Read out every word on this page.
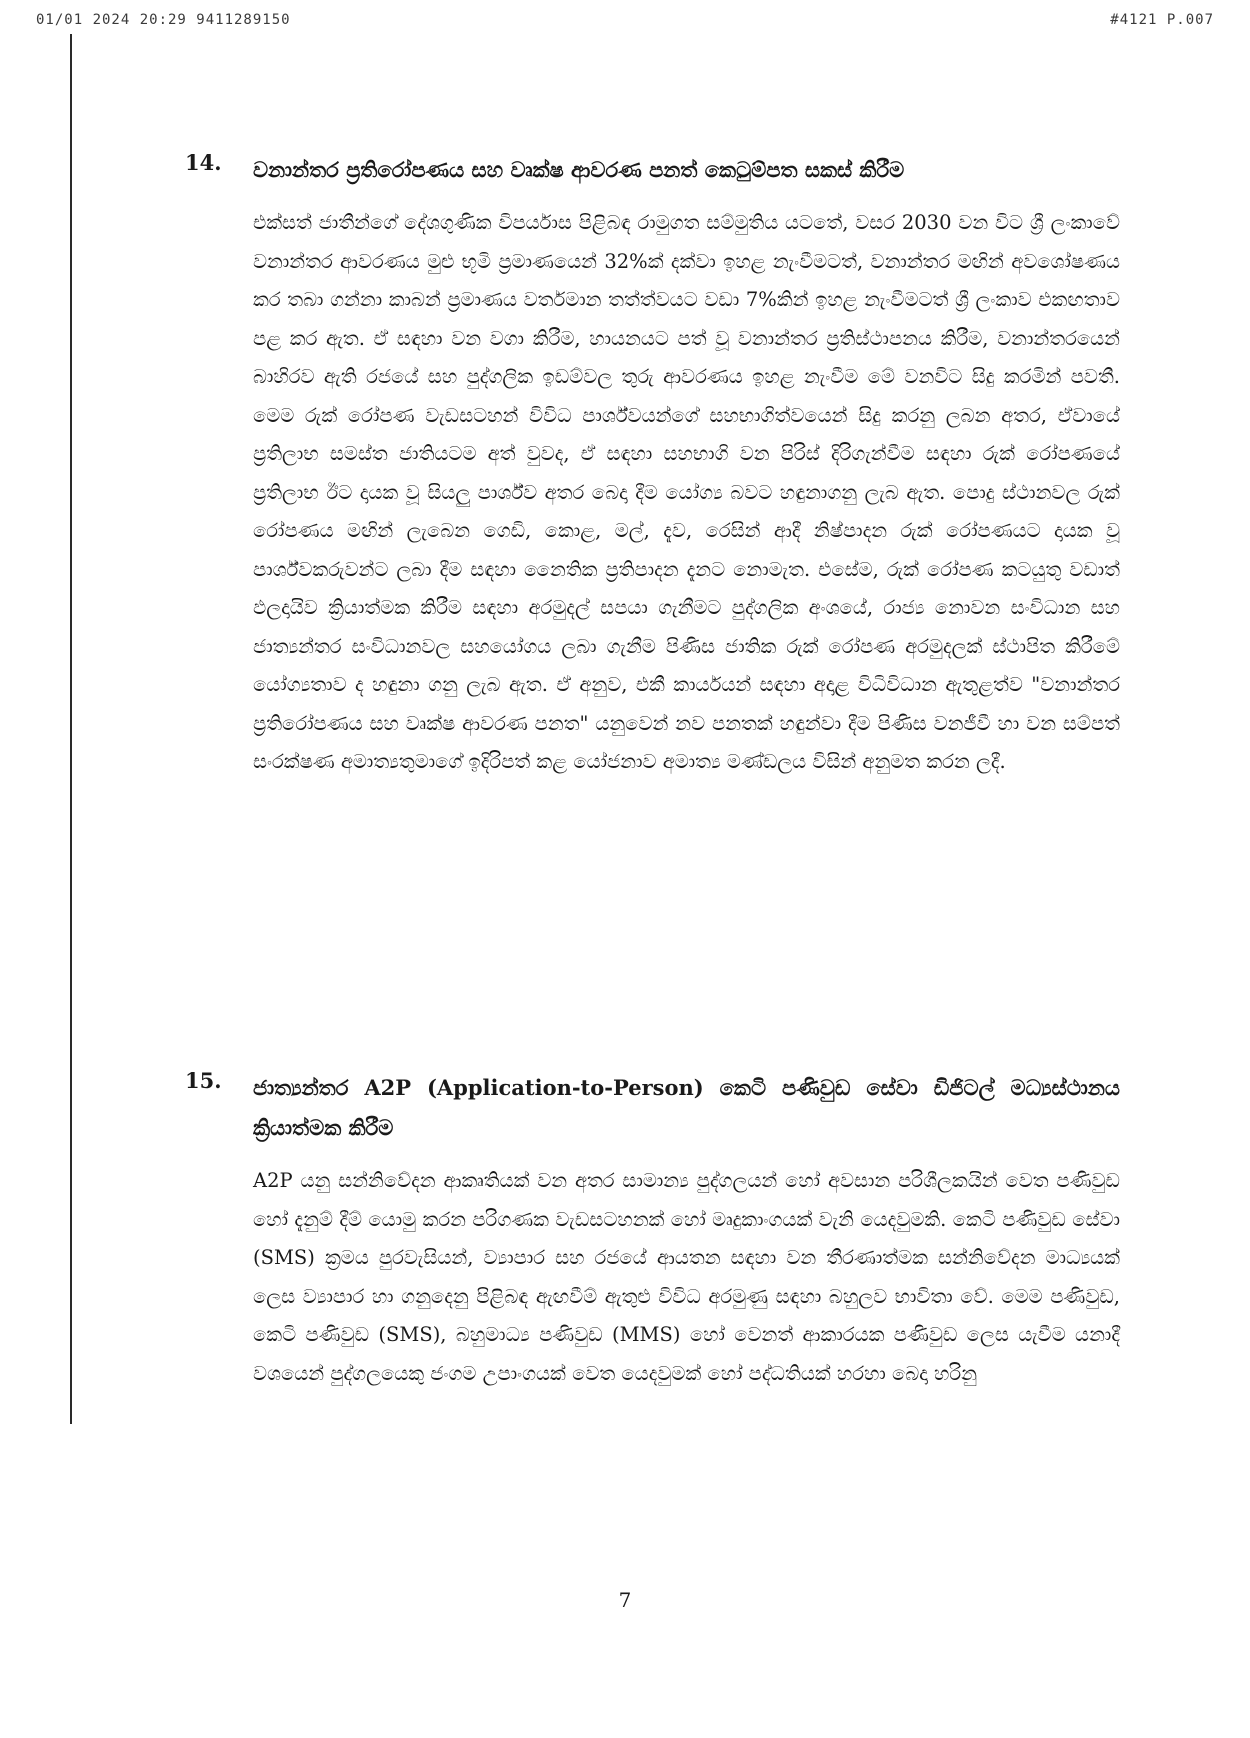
01/01 2024 20:29 9411289150	#4121 P.007
14. වනාන්තර ප්‍රතිරෝපණය සහ වෘක්ෂ ආවරණ පනත් කෙටුම්පත සකස් කිරීම
එක්සත් ජාතීන්ගේ දේශගුණික විපර්යාස පිළිබඳ රාමුගත සම්මුතිය යටතේ, වසර 2030 වන විට ශ්‍රී ලංකාවේ වනාන්තර ආවරණය මුළු භූමි ප්‍රමාණයෙන් 32%ක් දක්වා ඉහළ නැංවීමටත්, වනාන්තර මඟින් අවශෝෂණය කර තබා ගන්නා කාබන් ප්‍රමාණය වර්තමාන තත්ත්වයට වඩා 7%කින් ඉහළ නැංවීමටත් ශ්‍රී ලංකාව එකඟතාව පළ කර ඇත. ඒ සඳහා වන වගා කිරීම, හායනයට පත් වූ වනාන්තර ප්‍රතිස්ථාපනය කිරීම, වනාන්තරයෙන් බාහිරව ඇති රජයේ සහ පුද්ගලික ඉඩම්වල තුරු ආවරණය ඉහළ නැංවීම මේ වනවිට සිදු කරමින් පවතී. මෙම රුක් රෝපණ වැඩසටහන් විවිධ පාර්ශ්වයන්ගේ සහභාගිත්වයෙන් සිදු කරනු ලබන අතර, ඒවායේ ප්‍රතිලාභ සමස්ත ජාතියටම අත් වුවද, ඒ සඳහා සහභාගි වන පිරිස් දිරිගැන්වීම සඳහා රුක් රෝපණයේ ප්‍රතිලාභ ඊට දායක වූ සියලු පාර්ශ්ව අතර බෙදා දීම යෝග්‍ය බවට හඳුනාගනු ලැබ ඇත. පොදු ස්ථානවල රුක් රෝපණය මඟින් ලැබෙන ගෙඩි, කොළ, මල්, දැව, රෙසින් ආදී නිෂ්පාදන රුක් රෝපණයට දායක වූ පාර්ශ්වකරුවන්ට ලබා දීම සඳහා නෛතික ප්‍රතිපාදන දැනට නොමැත. එසේම, රුක් රෝපණ කටයුතු වඩාත් ඵලදායිව ක්‍රියාත්මක කිරීම සඳහා අරමුදල් සපයා ගැනීමට පුද්ගලික අංශයේ, රාජ්‍ය නොවන සංවිධාන සහ ජාත්‍යන්තර සංවිධානවල සහයෝගය ලබා ගැනීම පිණිස ජාතික රුක් රෝපණ අරමුදලක් ස්ථාපිත කිරීමේ යෝග්‍යතාව ද හඳුනා ගනු ලැබ ඇත. ඒ අනුව, එකී කාර්යයන් සඳහා අදාළ විධිවිධාන ඇතුළත්ව "වනාන්තර ප්‍රතිරෝපණය සහ වෘක්ෂ ආවරණ පනත" යනුවෙන් නව පනතක් හඳුන්වා දීම පිණිස වනජීවී හා වන සම්පත් සංරක්ෂණ අමාත්‍යතුමාගේ ඉදිරිපත් කළ යෝජනාව අමාත්‍ය මණ්ඩලය විසින් අනුමත කරන ලදී.
15. ජාත්‍යන්තර A2P (Application-to-Person) කෙටි පණිවුඩ සේවා ඩිජිටල් මධ්‍යස්ථානය ක්‍රියාත්මක කිරීම
A2P යනු සන්නිවේදන ආකෘතියක් වන අතර සාමාන්‍ය පුද්ගලයන් හෝ අවසාන පරිශීලකයින් වෙත පණිවුඩ හෝ දැනුම් දීම් යොමු කරන පරිගණක වැඩසටහනක් හෝ මෘදුකාංගයක් වැනි යෙදවුමකි. කෙටි පණිවුඩ සේවා (SMS) ක්‍රමය පුරවැසියන්, ව්‍යාපාර සහ රජයේ ආයතන සඳහා වන තීරණාත්මක සන්නිවේදන මාධ්‍යයක් ලෙස ව්‍යාපාර හා ගනුදෙනු පිළිබඳ ඇඟවීම් ඇතුළු විවිධ අරමුණු සඳහා බහුලව භාවිතා වේ. මෙම පණිවුඩ, කෙටි පණිවුඩ (SMS), බහුමාධ්‍ය පණිවුඩ (MMS) හෝ වෙනත් ආකාරයක පණිවුඩ ලෙස යැවීම යනාදී වශයෙන් පුද්ගලයෙකු ජංගම උපාංගයක් වෙත යෙදවුමක් හෝ පද්ධතියක් හරහා බෙදා හරිනු
7
